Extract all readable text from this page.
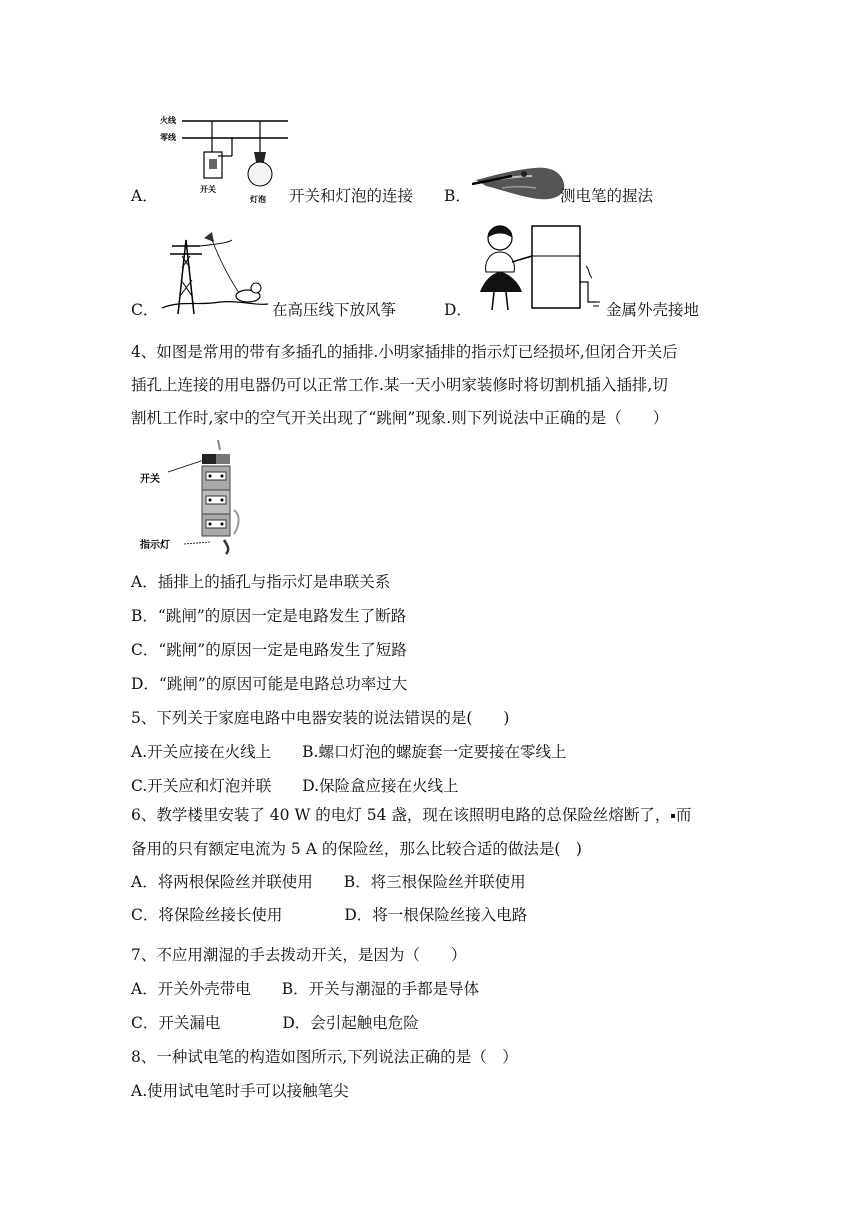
A．
火线
零线
开关
灯泡 开关和灯泡的连接 B．	测电笔的握法
C．	在高压线下放风筝	D．	金属外壳接地
4、如图是常用的带有多插孔的插排.小明家插排的指示灯已经损坏,但闭合开关后
插孔上连接的用电器仍可以正常工作.某一天小明家装修时将切割机插入插排,切
割机工作时,家中的空气开关出现了“跳闸”现象.则下列说法中正确的是（　　）
开关
指示灯
A．插排上的插孔与指示灯是串联关系
B．“跳闸”的原因一定是电路发生了断路
C．“跳闸”的原因一定是电路发生了短路
D．“跳闸”的原因可能是电路总功率过大
5、下列关于家庭电路中电器安装的说法错误的是(　　)
A.开关应接在火线上　　B.螺口灯泡的螺旋套一定要接在零线上
C.开关应和灯泡并联　　D.保险盒应接在火线上
6、教学楼里安装了 40 W 的电灯 54 盏，现在该照明电路的总保险丝熔断了，▪而
备用的只有额定电流为 5 A 的保险丝，那么比较合适的做法是(　)
A．将两根保险丝并联使用　　B．将三根保险丝并联使用
C．将保险丝接长使用　　　　D．将一根保险丝接入电路
7、不应用潮湿的手去拨动开关，是因为（　　）
A．开关外壳带电　　B．开关与潮湿的手都是导体
C．开关漏电　　　　D．会引起触电危险
8、一种试电笔的构造如图所示,下列说法正确的是（　）
A.使用试电笔时手可以接触笔尖
